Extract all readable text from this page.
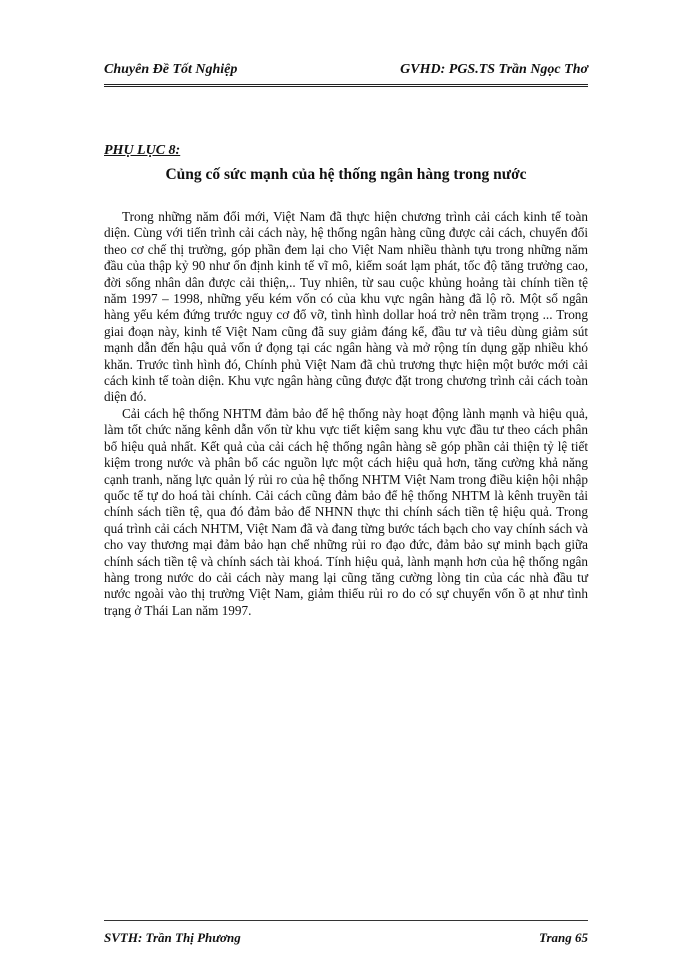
Chuyên Đề Tốt Nghiệp	GVHD: PGS.TS Trần Ngọc Thơ
PHỤ LỤC 8:
Củng cố sức mạnh của hệ thống ngân hàng trong nước

Trong những năm đổi mới, Việt Nam đã thực hiện chương trình cải cách kinh tế toàn diện. Cùng với tiến trình cải cách này, hệ thống ngân hàng cũng được cải cách, chuyển đổi theo cơ chế thị trường, góp phần đem lại cho Việt Nam nhiều thành tựu trong những năm đầu của thập kỷ 90 như ổn định kinh tế vĩ mô, kiểm soát lạm phát, tốc độ tăng trưởng cao, đời sống nhân dân được cải thiện,.. Tuy nhiên, từ sau cuộc khủng hoảng tài chính tiền tệ năm 1997 – 1998, những yếu kém vốn có của khu vực ngân hàng đã lộ rõ. Một số ngân hàng yếu kém đứng trước nguy cơ đổ vỡ, tình hình dollar hoá trở nên trầm trọng ... Trong giai đoạn này, kinh tế Việt Nam cũng đã suy giảm đáng kể, đầu tư và tiêu dùng giảm sút mạnh dẫn đến hậu quả vốn ứ đọng tại các ngân hàng và mở rộng tín dụng gặp nhiều khó khăn. Trước tình hình đó, Chính phủ Việt Nam đã chủ trương thực hiện một bước mới cải cách kinh tế toàn diện. Khu vực ngân hàng cũng được đặt trong chương trình cải cách toàn diện đó.

Cải cách hệ thống NHTM đảm bảo để hệ thống này hoạt động lành mạnh và hiệu quả, làm tốt chức năng kênh dẫn vốn từ khu vực tiết kiệm sang khu vực đầu tư theo cách phân bổ hiệu quả nhất. Kết quả của cải cách hệ thống ngân hàng sẽ góp phần cải thiện tỷ lệ tiết kiệm trong nước và phân bổ các nguồn lực một cách hiệu quả hơn, tăng cường khả năng cạnh tranh, năng lực quản lý rủi ro của hệ thống NHTM Việt Nam trong điều kiện hội nhập quốc tế tự do hoá tài chính. Cải cách cũng đảm bảo để hệ thống NHTM là kênh truyền tải chính sách tiền tệ, qua đó đảm bảo để NHNN thực thi chính sách tiền tệ hiệu quả. Trong quá trình cải cách NHTM, Việt Nam đã và đang từng bước tách bạch cho vay chính sách và cho vay thương mại đảm bảo hạn chế những rủi ro đạo đức, đảm bảo sự minh bạch giữa chính sách tiền tệ và chính sách tài khoá. Tính hiệu quả, lành mạnh hơn của hệ thống ngân hàng trong nước do cải cách này mang lại cũng tăng cường lòng tin của các nhà đầu tư nước ngoài vào thị trường Việt Nam, giảm thiểu rủi ro do có sự chuyển vốn ồ ạt như tình trạng ở Thái Lan năm 1997.

SVTH: Trần Thị Phương	Trang 65
